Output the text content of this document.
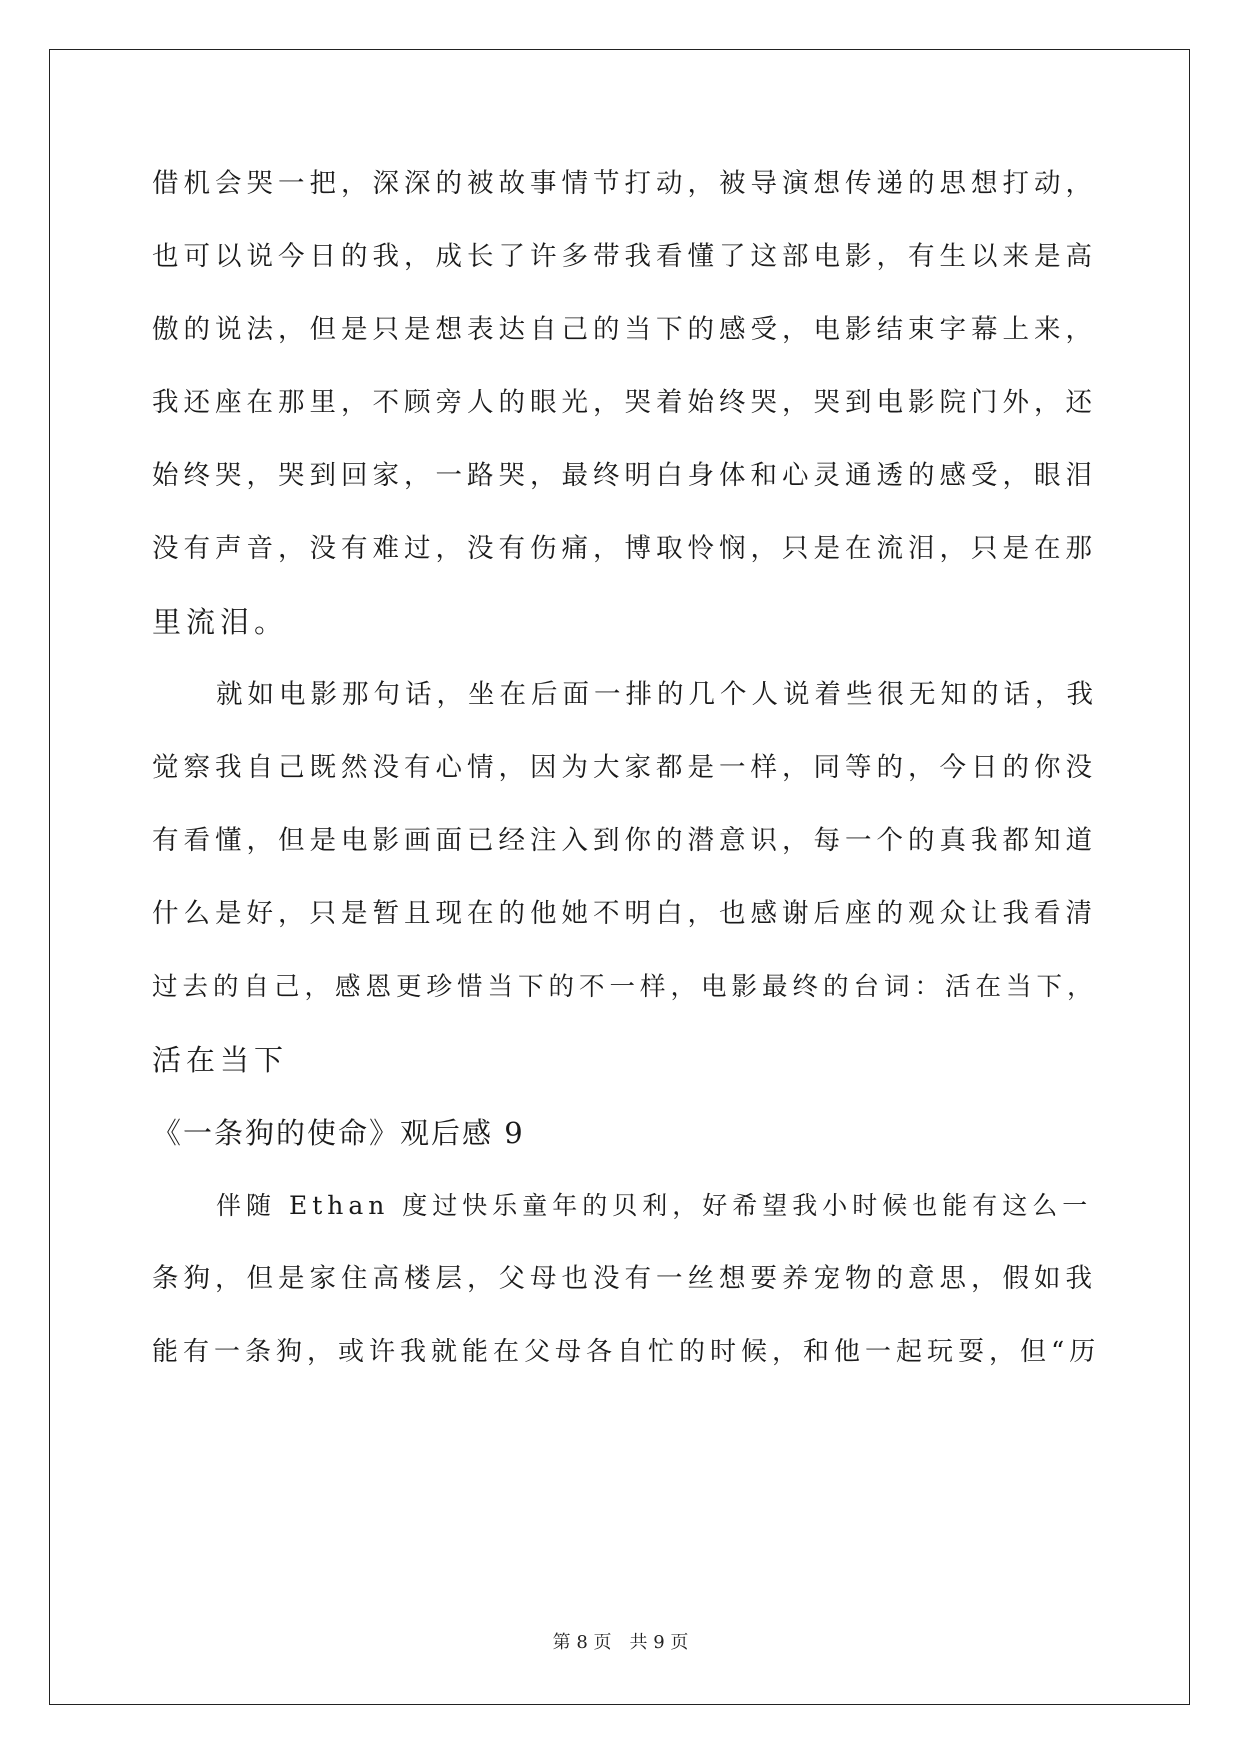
借机会哭一把，深深的被故事情节打动，被导演想传递的思想打动，
也可以说今日的我，成长了许多带我看懂了这部电影，有生以来是高
傲的说法，但是只是想表达自己的当下的感受，电影结束字幕上来，
我还座在那里，不顾旁人的眼光，哭着始终哭，哭到电影院门外，还
始终哭，哭到回家，一路哭，最终明白身体和心灵通透的感受，眼泪
没有声音，没有难过，没有伤痛，博取怜悯，只是在流泪，只是在那
里流泪。
就如电影那句话，坐在后面一排的几个人说着些很无知的话，我
觉察我自己既然没有心情，因为大家都是一样，同等的，今日的你没
有看懂，但是电影画面已经注入到你的潜意识，每一个的真我都知道
什么是好，只是暂且现在的他她不明白，也感谢后座的观众让我看清
过去的自己，感恩更珍惜当下的不一样，电影最终的台词：活在当下，
活在当下
《一条狗的使命》观后感 9
伴随 Ethan 度过快乐童年的贝利，好希望我小时候也能有这么一
条狗，但是家住高楼层，父母也没有一丝想要养宠物的意思，假如我
能有一条狗，或许我就能在父母各自忙的时候，和他一起玩耍，但“历
第 8 页　共 9 页
